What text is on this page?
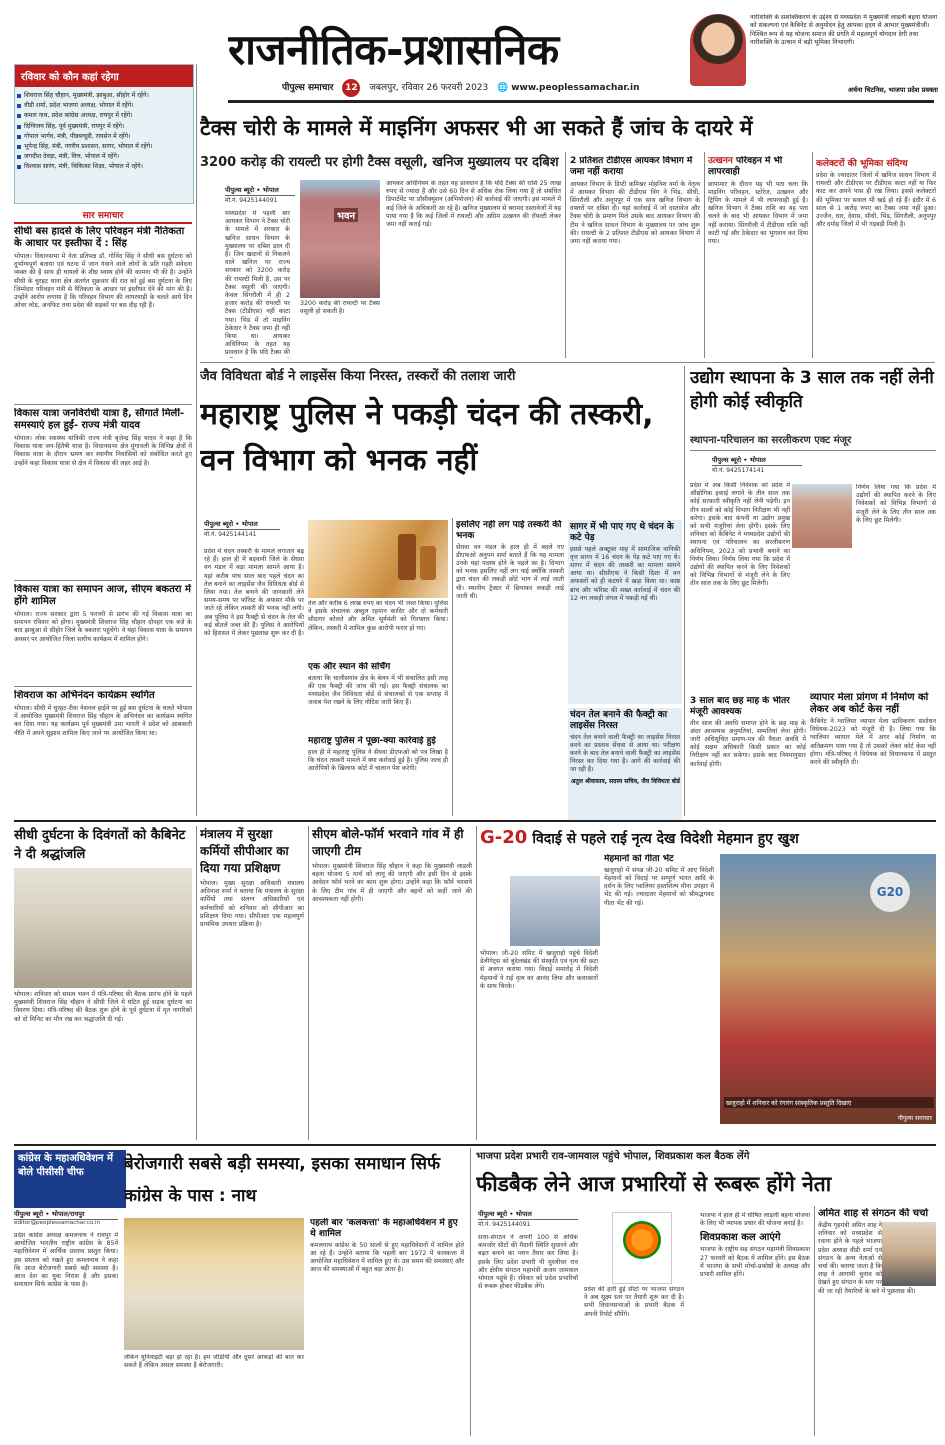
राजनीतिक-प्रशासनिक
पीपुल्स समाचार 12 जबलपुर, रविवार 26 फरवरी 2023 🌐 www.peoplessamachar.in
नारीशक्ति के सशक्तिकरण के उद्देश्य से मध्यप्रदेश में मुख्यमंत्री लाडली बहना योजना को संकल्पना एवं कैबिनेट से अनुमोदन हेतु आपका हृदय से आभार मुख्यमंत्रीजी। निश्चित रूप से यह योजना समाज की प्रगति में महत्वपूर्ण योगदान देगी तथा नारीशक्ति के उत्थान में बड़ी भूमिका निभाएगी।
अर्चना चिटनिस, भाजपा प्रदेश प्रवक्ता
रविवार को कौन कहां रहेगा
शिवराज सिंह चौहान, मुख्यमंत्री, झाबुआ, सीहोर में रहेंगे।
वीडी शर्मा, प्रदेश भाजपा अध्यक्ष, भोपाल में रहेंगे।
कमल नाथ, प्रदेश कांग्रेस अध्यक्ष, रायपुर में रहेंगे।
दिग्विजय सिंह, पूर्व मुख्यमंत्री, रायपुर में रहेंगे।
गोपाल भार्गव, मंत्री, पीडब्ल्यूडी, रायसेन में रहेंगे।
भूपेन्द्र सिंह, मंत्री, नगरीय प्रशासन, सागर, भोपाल में रहेंगे।
जगदीश देवड़ा, मंत्री, वित्त, भोपाल में रहेंगे।
विश्वास सारंग, मंत्री, चिकित्सा शिक्षा, भोपाल में रहेंगे।
सार समाचार
सीधी बस हादसे के लिए परिवहन मंत्री नैतिकता के आधार पर इस्तीफा दें : सिंह
भोपाल। विधानसभा में नेता प्रतिपक्ष डॉ. गोविंद सिंह ने सीधी बस दुर्घटना को दुर्भाग्यपूर्ण बताया एवं घटना में जान गंवाने वाले लोगों के प्रति गहरी संवेदना व्यक्त की है साथ ही घायलों के शीघ्र स्वस्थ होने की कामना भी की है। उन्होंने सीधी के चुरहट थाना क्षेत्र अंतर्गत शुक्रवार की रात को हुई बस दुर्घटना के लिए जिम्मेदार परिवहन मंत्री से नैतिकता के आधार पर इस्तीफा देने की मांग की है। उन्होंने आरोप लगाया है कि परिवहन विभाग की लापरवाही के चलते आये दिन ओवर लोड, अनफिट तथा प्रदेश की सड़कों पर बस दौड़ रही हैं।
विकास यात्रा जनविरोधी यात्रा है, सौगातें मिलीं- समस्याएं हल हुईं- राज्य मंत्री यादव
भोपाल। लोक स्वास्थ्य यांत्रिकी राज्य मंत्री बृजेन्द्र सिंह यादव ने कहा है कि विकास यात्रा जन-हितैषी यात्रा है। विधानसभा क्षेत्र मुंगावली के विभिन्न क्षेत्रों में विकास यात्रा के दौरान भ्रमण कर स्थानीय निवासियों को संबोधित करते हुए उन्होंने कहा विकास यात्रा से क्षेत्र में विकास की लहर आई है।
विकास यात्रा का समापन आज, सीएम बकतरा में होंगे शामिल
भोपाल। राज्य सरकार द्वारा 5 फरवरी से प्रारंभ की गई विकास यात्रा का समापन रविवार को होगा। मुख्यमंत्री शिवराज सिंह चौहान दोपहर एक बजे के बाद झाबुआ से सीहोर जिले के बकतरा पहुंचेंगे। वे यहां विकास यात्रा के समापन अवसर पर आयोजित जिला स्तरीय कार्यक्रम में शामिल होंगे।
शिवराज का अभिनंदन कार्यक्रम स्थगित
भोपाल। सीधी में चुरहट-रीवा नेशनल हाईवे पर हुई बस दुर्घटना के चलते भोपाल में आयोजित मुख्यमंत्री शिवराज सिंह चौहान के अभिनंदन का कार्यक्रम स्थगित कर दिया गया। यह कार्यक्रम पूर्व मुख्यमंत्री उमा भारती ने प्रदेश को आबकारी नीति में अपने सुझाव शामिल किए जाने पर आयोजित किया था।
टैक्स चोरी के मामले में माइनिंग अफसर भी आ सकते हैं जांच के दायरे में
3200 करोड़ की रायल्टी पर होगी टैक्स वसूली, खनिज मुख्यालय पर दबिश
पीपुल्स ब्यूरो • भोपाल
मो.नं. 9425144091
मध्यप्रदेश में पहली बार आयकर विभाग ने टैक्स चोरी के मामले में सरकार के खनिज साधन विभाग के मुख्यालय पर दबिश डाल दी है। जिन खदानों से निकलने वाले खनिज पर राज्य सरकार को 3200 करोड़ की रायल्टी मिली है, उस पर टैक्स वसूली की जाएगी। केवल सिंगरौली में ही 2 हजार करोड़ की रायल्टी पर टैक्स (टीडीएस) नहीं काटा गया। भिंड में तो माइनिंग ठेकेदार ने टैक्स जमा ही नहीं किया था। आयकर अधिनियम के तहत यह प्रावधान है कि यदि टैक्स की
भवन
3200 करोड़ की रायल्टी पर टैक्स वसूली हो सकती है।
आयकर अधिनियम के तहत यह प्रावधान है कि यदि टैक्स की राशि 25 लाख रुपए से ज्यादा है और उसे 60 दिन से अधिक रोक लिया गया है तो संबंधित डिपार्टमेंट पर प्रॉसीक्यूशन (अभियोजन) की कार्रवाई की जाएगी। इस मामले में कई जिले के अधिकारी आ रहे हैं। खनिज मुख्यालय से बरामद दस्तावेजों में यह पाया गया है कि कई जिलों में रायल्टी और अग्रिम उत्खनन की रॉयल्टी लेकर जमा नहीं कराई गई।
2 प्रतिशत टीडीएस आयकर विभाग में जमा नहीं कराया
आयकर विभाग के डिप्टी कमिश्नर मोहनिश वर्मा के नेतृत्व में आयकर विभाग की टीडीएस विंग ने भिंड, सीधी, सिंगरौली और अनूपपुर में एक साथ खनिज विभाग के दफ्तरों पर दबिश दी। यहां कार्रवाई में जो दस्तावेज और टैक्स चोरी के प्रमाण मिले उसके बाद आयकर विभाग की टीम ने खनिज साधन विभाग के मुख्यालय पर जांच शुरू की। रायल्टी के 2 प्रतिशत टीडीएस को आयकर विभाग में जमा नहीं कराया गया।
उत्खनन परिवहन में भी लापरवाही
छापामार के दौरान यह भी पता चला कि माइनिंग परिवहन, स्टोरेज, उत्खनन और ट्रिपिंग के मामले में भी लापरवाही हुई है। खनिज विभाग ने टैक्स राशि का यह पता चलने के बाद भी आयकर विभाग में जमा नहीं कराया। सिंगरौली में टीडीएस राशि नहीं काटी गई और ठेकेदार का भुगतान कर दिया गया।
कलेक्टरों की भूमिका संदिग्ध
प्रदेश के ज्यादातर जिलों में खनिज साधन विभाग में रायल्टी और टीडीएस पर टीडीएस काटा नहीं या फिर काट कर अपने पास ही रख लिया। इससे कलेक्टरों की भूमिका पर सवाल भी खड़े हो रहे हैं। इंदौर में 6 साल से 1 करोड़ रुपए का टैक्स जमा नहीं हुआ। उज्जैन, धार, देवास, सीधी, भिंड, सिंगरौली, अनूपपुर और दमोह जिलों में भी गड़बड़ी मिली है।
जैव विविधता बोर्ड ने लाइसेंस किया निरस्त, तस्करों की तलाश जारी
महाराष्ट्र पुलिस ने पकड़ी चंदन की तस्करी, वन विभाग को भनक नहीं
पीपुल्स ब्यूरो • भोपाल
मो.नं. 9425144141
प्रदेश में चंदन तस्करी के मामले लगातार बढ़ रहे हैं। हाल ही में बड़वानी जिले के सेंधवा वन मंडल में बड़ा मामला सामने आया है। यहां करीब पांच साल बाद पहले चंदन का तेल बनाने का लाइसेंस जैव विविधता बोर्ड से लिया गया। तेल बनाने की जानकारी लेने समय-समय पर फॉरेस्ट के अफसर मौके पर जाते रहे लेकिन तस्करी की भनक नहीं लगी। अब पुलिस ने इस फैक्ट्री से चंदन के तेल की कई बोतलें जब्त की हैं। पुलिस ने आरोपियों को हिरासत में लेकर पूछताछ शुरू कर दी है।
तेल और करीब 6 लाख रुपए का चंदन भी जब्त किया। पुलिस ने इसके संचालक अब्दुल रहमान कादिर और दो कर्मचारी सौदागर कोलते और अमित सूर्यवंशी को गिरफ्तार किया। लेकिन, तस्करी में शामिल कुछ आरोपी फरार हो गए।
एक और स्थान की सर्चिंग
बताया कि चालीसगांव क्षेत्र के बेलन में भी संचालित इसी तरह की एक फैक्ट्री की जांच की गई। इस फैक्ट्री संचालक का मध्यप्रदेश जैव विविधता बोर्ड से संचालकों से एक सप्ताह में जवाब पेश रखने के लिए नोटिस जारी किए हैं।
महाराष्ट्र पुलिस ने पूछा-क्या कार्रवाई हुई
हाल ही में महाराष्ट्र पुलिस ने सेंधवा डीएफओ को पत्र लिखा है कि चंदन तस्करी मामले में क्या कार्रवाई हुई है। पुलिस जल्द ही आरोपियों के खिलाफ कोर्ट में चालान पेश करेगी।
इसलिए नहीं लग पाई तस्करी की भनक
सेंधवा वन मंडल के हाल ही में बदले गए डीएफओ अनुपम शर्मा बताते हैं कि यह मामला उनके यहां पदस्थ होने के पहले का है। विभाग को भनक इसलिए नहीं लग पाई क्योंकि तस्करी द्वारा चंदन की लकड़ी छोटे भाग में लाई जाती थी। स्थानीय ट्रैक्टर में छिपाकर लकड़ी लाई जाती थी।
सागर में भी पाए गए थे चंदन के कटे पेड़
इससे पहले अक्टूबर माह में सामाजिक वानिकी वृत्त सागर में 16 चंदन के पेड़ कटे पाए गए थे। सागर में चंदन की तस्करी का मामला सामने आया था। सीसीएफ ने किसी दिशा में वन अफसरों को ही कटघरे में खड़ा किया था। काष्ठ ब्रांच और फॉरेस्ट की सख्त कार्रवाई में चंदन की 12 नग लकड़ी जंगल में पकड़ी गई थी।
चंदन तेल बनाने की फैक्ट्री का लाइसेंस निरस्त
चंदन तेल बनाने वाली फैक्ट्री का लाइसेंस निरस्त करने का प्रस्ताव सेंधवा से आया था। परीक्षण करने के बाद तेल बनाने वाली फैक्ट्री का लाइसेंस निरस्त कर दिया गया है। आगे की कार्रवाई की जा रही है।
अतुल श्रीवास्तव, सदस्य सचिव, जैव विविधता बोर्ड
उद्योग स्थापना के 3 साल तक नहीं लेनी होगी कोई स्वीकृति
स्थापना-परिचालन का सरलीकरण एक्ट मंजूर
पीपुल्स ब्यूरो • भोपाल
मो.नं. 9425174141
प्रदेश में अब किसी निवेशक को प्रदेश में औद्योगिक इकाई लगाने के तीन साल तक कोई सरकारी स्वीकृति नहीं लेनी पड़ेगी। इन तीन सालों को कोई विभाग निरीक्षण भी नहीं करेगा। इसके बाद कंपनी या उद्योग प्रमुख को सभी मंजूरियां लेना होंगी। इसके लिए शनिवार को कैबिनेट ने मध्यप्रदेश उद्योगों की स्थापना एवं परिचालन का सरलीकरण अधिनियम, 2023 को प्रभावी बनाने का निर्णय लिया। निर्णय लिया गया कि प्रदेश में उद्योगों की स्थापित करने के लिए निवेशकों को विभिन्न विभागों से मंजूरी लेने के लिए तीन साल तक के लिए छूट मिलेगी।
निर्णय लिया गया कि प्रदेश में उद्योगों की स्थापित करने के लिए निवेशकों को विभिन्न विभागों से मंजूरी लेने के लिए तीन साल तक के लिए छूट मिलेगी।
3 साल बाद छह माह के भीतर मंजूरी आवश्यक
तीन साल की अवधि समाप्त होने के छह माह के अंदर आवश्यक अनुमतियां, सम्मतियां लेना होंगी। जारी अधिसूचित प्रमाण-पत्र की वैधता अवधि में कोई सक्षम अधिकारी किसी प्रकार का कोई निरीक्षण नहीं कर सकेगा। इसके बाद नियमानुसार कार्रवाई होगी।
व्यापार मेला प्रांगण में निर्माण को लेकर अब कोर्ट केस नहीं
कैबिनेट ने ग्वालियर व्यापार मेला प्राधिकरण संशोधन विधेयक-2023 को मंजूरी दी है। लिया गया कि ग्वालियर व्यापार मेले में अगर कोई निर्माण या अतिक्रमण पाया गया है तो उसको लेकर कोर्ट केस नहीं होगा। मंत्रि-परिषद ने विधेयक को विधानसभा में प्रस्तुत करने की स्वीकृति दी।
सीधी दुर्घटना के दिवंगतों को कैबिनेट ने दी श्रद्धांजलि
भोपाल। शनिवार को समत्व भवन में मंत्रि-परिषद की बैठक प्रारंभ होने के पहले मुख्यमंत्री शिवराज सिंह चौहान ने सीधी जिले में घटित हुई सड़क दुर्घटना का विवरण दिया। मंत्रि-परिषद की बैठक शुरू होने के पूर्व दुर्घटना में मृत नागरिकों को दो मिनिट का मौन रख कर श्रद्धांजलि दी गई।
मंत्रालय में सुरक्षा कर्मियों सीपीआर का दिया गया प्रशिक्षण
भोपाल। मुख्य सुरक्षा अधिकारी मंत्रालय अविनाश शर्मा ने बताया कि मंत्रालय के सुरक्षा कर्मियों तथा संलग्न अधिकारियों एवं कर्मचारियों को शनिवार को सीपीआर का प्रशिक्षण दिया गया। सीपीआर एक महत्वपूर्ण प्राथमिक उपचार प्रक्रिया है।
सीएम बोले-फॉर्म भरवाने गांव में ही जाएगी टीम
भोपाल। मुख्यमंत्री शिवराज सिंह चौहान ने कहा कि मुख्यमंत्री लाडली बहना योजना 5 मार्च को लागू की जाएगी और इसी दिन से इसके आवेदन फॉर्म भरने का काम शुरू होगा। उन्होंने कहा कि फॉर्म भरवाने के लिए टीम गांव में ही जाएगी और बहनों को कहीं जाने की आवश्यकता नहीं होगी।
G-20 विदाई से पहले राई नृत्य देख विदेशी मेहमान हुए खुश
भोपाल। जी-20 समिट में खजुराहो पहुंचे विदेशी डेलीगेट्स को बुंदेलखंड की संस्कृति एवं नृत्य की छटा से अवगत कराया गया। विदाई समारोह में विदेशी मेहमानों ने राई नृत्य का आनंद लिया और कलाकारों के साथ थिरके।
मेहमानों को गीता भेंट
खजुराहो में संपन्न जी-20 समिट में आए विदेशी मेहमानों को विदाई पर सम्पूर्ण भारत आदि के दर्शन के लिए ग्वालियर हस्तशिल्प मीना उपहार में भेंट की गई। ज्यादातर मेहमानों को श्रीमद्भगवद गीता भेंट की गई।
G20
खजुराहो में शनिवार को रंगारंग सांस्कृतिक प्रस्तुति दिखाएं
पीपुल्स समाचार
कांग्रेस के महाअधिवेशन में बोले पीसीसी चीफ
पीपुल्स ब्यूरो • भोपाल/रायपुर
editor@peoplessamachar.co.in
बेरोजगारी सबसे बड़ी समस्या, इसका समाधान सिर्फ कांग्रेस के पास : नाथ
प्रदेश कांग्रेस अध्यक्ष कमलनाथ ने रायपुर में आयोजित भारतीय राष्ट्रीय कांग्रेस के 85वें महाधिवेशन में आर्थिक प्रस्ताव प्रस्तुत किया। इस प्रस्ताव को रखते हुए कमलनाथ ने कहा कि आज बेरोजगारी सबसे बड़ी समस्या है। आज देश का युवा निराश है और इसका समाधान सिर्फ कांग्रेस के पास है।
लेकिन युनिवाइटी बड़ा हो रहा है। हम जीडीपी और दूसरे आंकड़ों की बात कर सकते हैं लेकिन असल समस्या है बेरोजगारी।
पहली बार 'कलकत्ता' के महाअधिवेशन में हुए थे शामिल
कमलनाथ कांग्रेस के 50 सालों से हुए महाधिवेशनों में शामिल होते आ रहे हैं। उन्होंने बताया कि पहली बार 1972 में कलकत्ता में आयोजित महाधिवेशन में शामिल हुए थे। उस समय की समस्याएं और आज की समस्याओं में बहुत बड़ा अंतर है।
भाजपा प्रदेश प्रभारी राव-जामवाल पहुंचे भोपाल, शिवप्रकाश कल बैठक लेंगे
फीडबैक लेने आज प्रभारियों से रूबरू होंगे नेता
पीपुल्स ब्यूरो • भोपाल
मो.नं. 9425144091
सत्ता-संगठन ने अपनी 100 से अधिक कमजोर सीटों की मैदानी स्थिति सुधारने और बढ़त बनाने का प्लान तैयार कर लिया है। इसके लिए प्रदेश प्रभारी पी मुरलीधर राव और क्षेत्रीय संगठन महामंत्री अजय जामवाल भोपाल पहुंचे हैं। रविवार को प्रदेश प्रभारियों से रूबरू होकर फीडबैक लेंगे।	प्रदेश की हारी हुई सीटों पर भाजपा संगठन ने अब सूक्ष्म स्तर पर तैयारी शुरू कर दी है। सभी विधानसभाओं के प्रभारी बैठक में अपनी रिपोर्ट सौंपेंगे।
भाजपा ने हाल ही में घोषित लाड़ली बहना योजना के लिए भी व्यापक प्रचार की योजना बनाई है।
शिवप्रकाश कल आएंगे
भाजपा के राष्ट्रीय सह संगठन महामंत्री शिवप्रकाश 27 फरवरी को बैठक में शामिल होंगे। इस बैठक में भाजपा के सभी मोर्चा-प्रकोष्ठों के अध्यक्ष और प्रभारी शामिल होंगे।
अमित शाह से संगठन की चर्चा
केंद्रीय गृहमंत्री अमित शाह ने शनिवार को मध्यप्रदेश से रवाना होने के पहले भाजपा प्रदेश अध्यक्ष वीडी शर्मा एवं संगठन के अन्य नेताओं से चर्चा की। बताया जाता है कि शाह ने आगामी चुनाव को देखते हुए संगठन के स्तर पर की जा रही तैयारियों के बारे में पूछताछ की।
